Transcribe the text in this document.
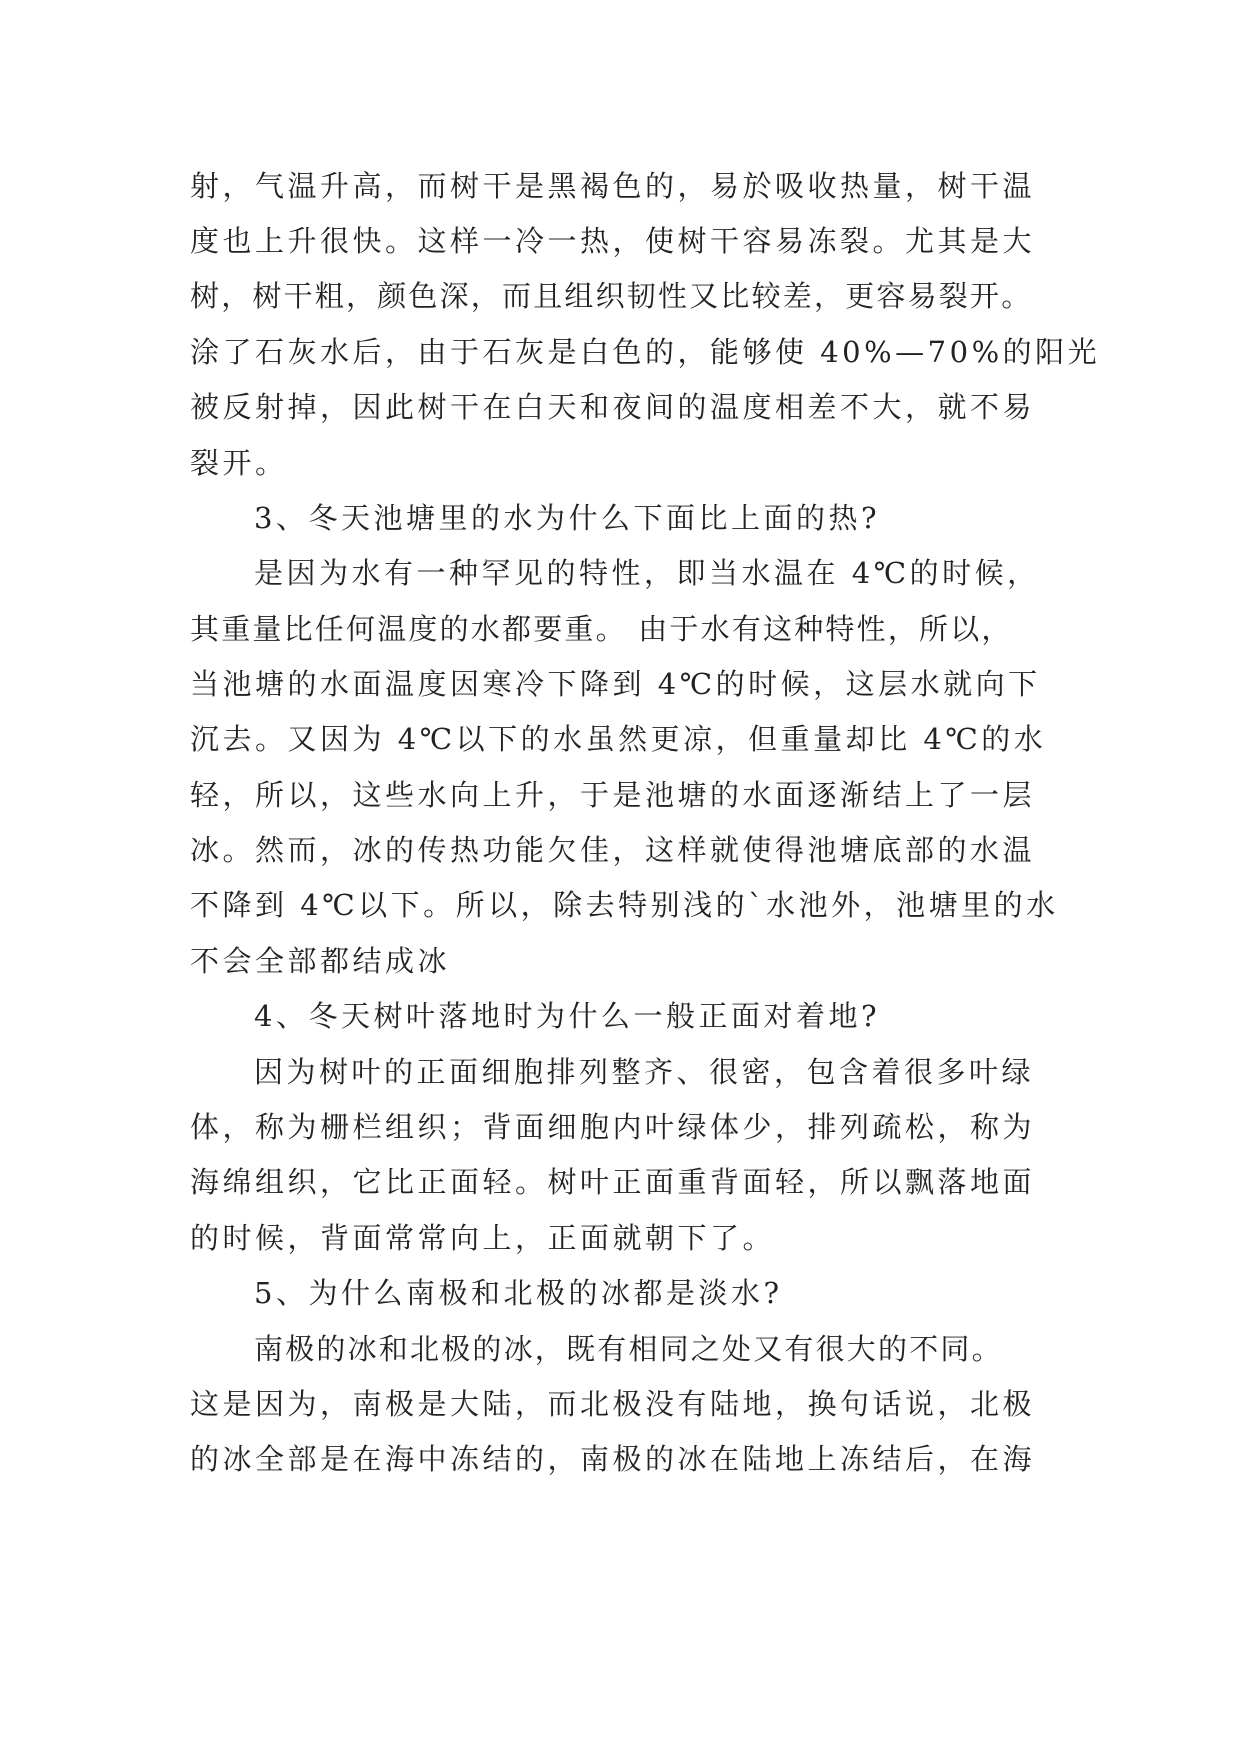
射，气温升高，而树干是黑褐色的，易於吸收热量，树干温
度也上升很快。这样一冷一热，使树干容易冻裂。尤其是大
树，树干粗，颜色深，而且组织韧性又比较差，更容易裂开。
涂了石灰水后，由于石灰是白色的，能够使 40%—70%的阳光
被反射掉，因此树干在白天和夜间的温度相差不大，就不易
裂开。
3、冬天池塘里的水为什么下面比上面的热?
是因为水有一种罕见的特性，即当水温在 4℃的时候，
其重量比任何温度的水都要重。 由于水有这种特性，所以，
当池塘的水面温度因寒冷下降到 4℃的时候，这层水就向下
沉去。又因为 4℃以下的水虽然更凉，但重量却比 4℃的水
轻，所以，这些水向上升，于是池塘的水面逐渐结上了一层
冰。然而，冰的传热功能欠佳，这样就使得池塘底部的水温
不降到 4℃以下。所以，除去特别浅的`水池外，池塘里的水
不会全部都结成冰
4、冬天树叶落地时为什么一般正面对着地?
因为树叶的正面细胞排列整齐、很密，包含着很多叶绿
体，称为栅栏组织；背面细胞内叶绿体少，排列疏松，称为
海绵组织，它比正面轻。树叶正面重背面轻，所以飘落地面
的时候，背面常常向上，正面就朝下了。
5、为什么南极和北极的冰都是淡水?
南极的冰和北极的冰，既有相同之处又有很大的不同。
这是因为，南极是大陆，而北极没有陆地，换句话说，北极
的冰全部是在海中冻结的，南极的冰在陆地上冻结后，在海
